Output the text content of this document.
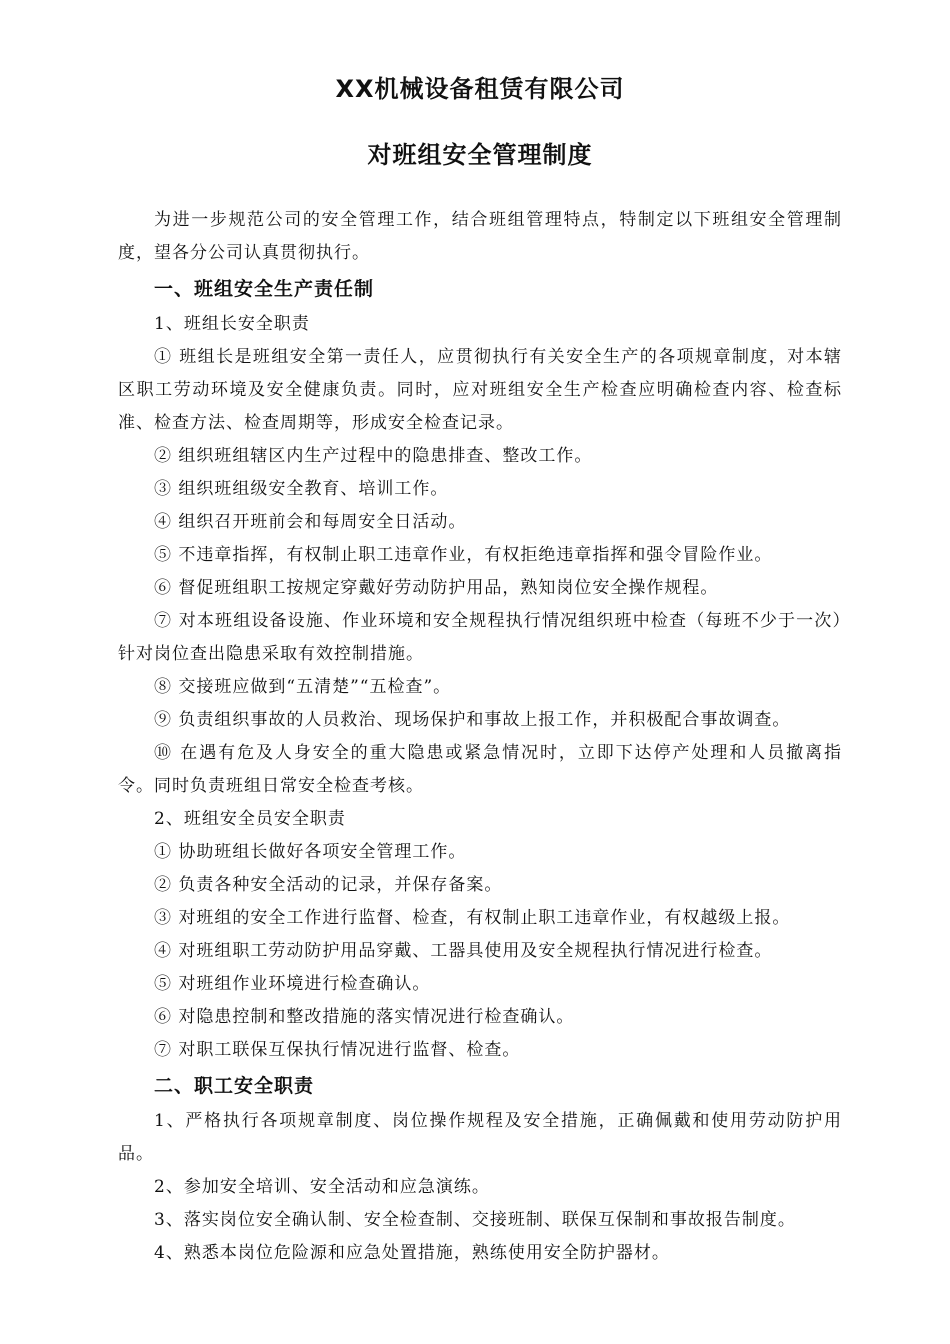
XX机械设备租赁有限公司
对班组安全管理制度

为进一步规范公司的安全管理工作，结合班组管理特点，特制定以下班组安全管理制度，望各分公司认真贯彻执行。

一、班组安全生产责任制

1、班组长安全职责

① 班组长是班组安全第一责任人，应贯彻执行有关安全生产的各项规章制度，对本辖区职工劳动环境及安全健康负责。同时，应对班组安全生产检查应明确检查内容、检查标准、检查方法、检查周期等，形成安全检查记录。

② 组织班组辖区内生产过程中的隐患排查、整改工作。

③ 组织班组级安全教育、培训工作。

④ 组织召开班前会和每周安全日活动。

⑤ 不违章指挥，有权制止职工违章作业，有权拒绝违章指挥和强令冒险作业。

⑥ 督促班组职工按规定穿戴好劳动防护用品，熟知岗位安全操作规程。

⑦ 对本班组设备设施、作业环境和安全规程执行情况组织班中检查（每班不少于一次）针对岗位查出隐患采取有效控制措施。

⑧ 交接班应做到“五清楚”“五检查”。

⑨ 负责组织事故的人员救治、现场保护和事故上报工作，并积极配合事故调查。

⑩ 在遇有危及人身安全的重大隐患或紧急情况时，立即下达停产处理和人员撤离指令。同时负责班组日常安全检查考核。

2、班组安全员安全职责

① 协助班组长做好各项安全管理工作。

② 负责各种安全活动的记录，并保存备案。

③ 对班组的安全工作进行监督、检查，有权制止职工违章作业，有权越级上报。

④ 对班组职工劳动防护用品穿戴、工器具使用及安全规程执行情况进行检查。

⑤ 对班组作业环境进行检查确认。

⑥ 对隐患控制和整改措施的落实情况进行检查确认。

⑦ 对职工联保互保执行情况进行监督、检查。

二、职工安全职责

1、严格执行各项规章制度、岗位操作规程及安全措施，正确佩戴和使用劳动防护用品。

2、参加安全培训、安全活动和应急演练。

3、落实岗位安全确认制、安全检查制、交接班制、联保互保制和事故报告制度。

4、熟悉本岗位危险源和应急处置措施，熟练使用安全防护器材。
